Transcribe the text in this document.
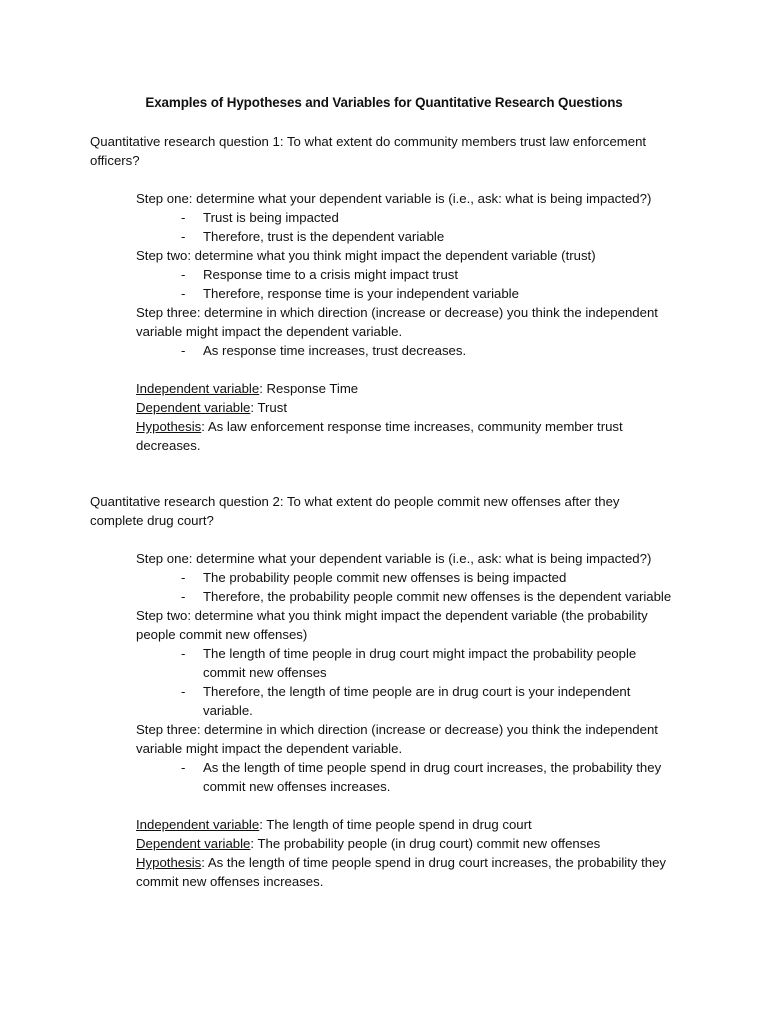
Examples of Hypotheses and Variables for Quantitative Research Questions
Quantitative research question 1: To what extent do community members trust law enforcement officers?
Step one: determine what your dependent variable is (i.e., ask: what is being impacted?)
- Trust is being impacted
- Therefore, trust is the dependent variable
Step two: determine what you think might impact the dependent variable (trust)
- Response time to a crisis might impact trust
- Therefore, response time is your independent variable
Step three: determine in which direction (increase or decrease) you think the independent variable might impact the dependent variable.
- As response time increases, trust decreases.
Independent variable: Response Time
Dependent variable: Trust
Hypothesis: As law enforcement response time increases, community member trust decreases.
Quantitative research question 2: To what extent do people commit new offenses after they complete drug court?
Step one: determine what your dependent variable is (i.e., ask: what is being impacted?)
- The probability people commit new offenses is being impacted
- Therefore, the probability people commit new offenses is the dependent variable
Step two: determine what you think might impact the dependent variable (the probability people commit new offenses)
- The length of time people in drug court might impact the probability people commit new offenses
- Therefore, the length of time people are in drug court is your independent variable.
Step three: determine in which direction (increase or decrease) you think the independent variable might impact the dependent variable.
- As the length of time people spend in drug court increases, the probability they commit new offenses increases.
Independent variable: The length of time people spend in drug court
Dependent variable: The probability people (in drug court) commit new offenses
Hypothesis: As the length of time people spend in drug court increases, the probability they commit new offenses increases.
